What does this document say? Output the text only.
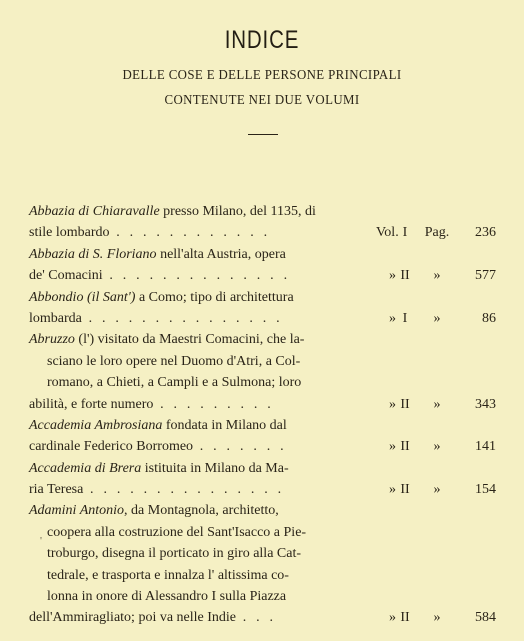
INDICE
DELLE COSE E DELLE PERSONE PRINCIPALI
CONTENUTE NEI DUE VOLUMI
'
Abbazia di Chiaravalle presso Milano, del 1135, di
stile lombardo . . . . . . . . . . . .	Vol. I	Pag. 236
Abbazia di S. Floriano nell'alta Austria, opera
de' Comacini . . . . . . . . . . . . . .	» II	»	577
Abbondio (il Sant') a Como; tipo di architettura
lombarda . . . . . . . . . . . . . . .	» I	»	86
Abruzzo (l') visitato da Maestri Comacini, che la-
sciano le loro opere nel Duomo d'Atri, a Col-
romano, a Chieti, a Campli e a Sulmona; loro
abilità, e forte numero . . . . . . . . .	» II	»	343
Accademia Ambrosiana fondata in Milano dal
cardinale Federico Borromeo . . . . . . .	» II	»	141
Accademia di Brera istituita in Milano da Ma-
ria Teresa . . . . . . . . . . . . . . .	» II	»	154
Adamini Antonio, da Montagnola, architetto,
coopera alla costruzione del Sant'Isacco a Pie-
troburgo, disegna il porticato in giro alla Cat-
tedrale, e trasporta e innalza l' altissima co-
lonna in onore di Alessandro I sulla Piazza
dell'Ammiragliato; poi va nelle Indie . . .	» II	»	584
